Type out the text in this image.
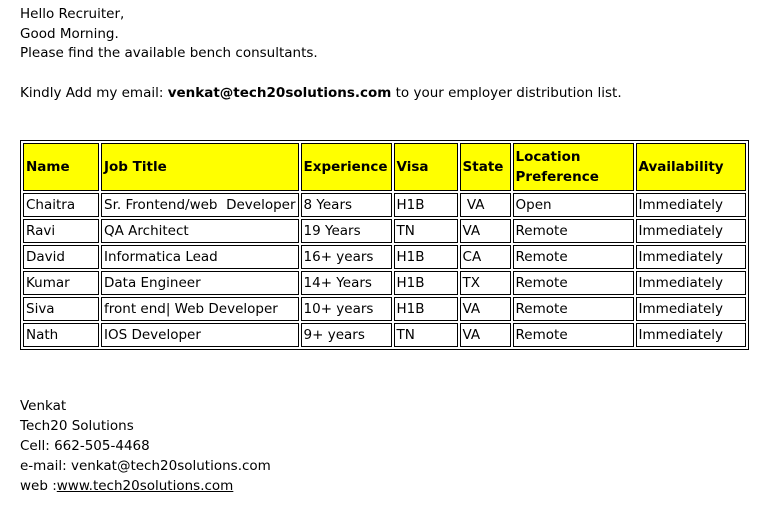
Hello Recruiter,
Good Morning.
Please find the available bench consultants.
Kindly Add my email: venkat@tech20solutions.com to your employer distribution list.
Name	Job Title	Experience	Visa	State	Location Preference	Availability
Chaitra	Sr. Frontend/web  Developer	8 Years	H1B	VA	Open	Immediately
Ravi	QA Architect	19 Years	TN	VA	Remote	Immediately
David	Informatica Lead	16+ years	H1B	CA	Remote	Immediately
Kumar	Data Engineer	14+ Years	H1B	TX	Remote	Immediately
Siva	front end| Web Developer	10+ years	H1B	VA	Remote	Immediately
Nath	IOS Developer	9+ years	TN	VA	Remote	Immediately
Venkat
Tech20 Solutions
Cell: 662-505-4468
e-mail: venkat@tech20solutions.com
web :www.tech20solutions.com
